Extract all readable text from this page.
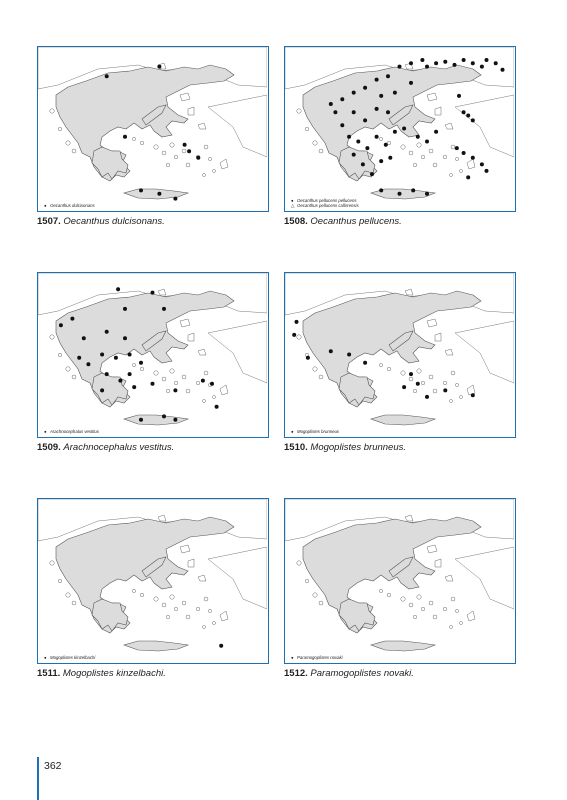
● Oecanthus dulcisonans
1507. Oecanthus dulcisonans.
● Oecanthus pellucens pellucens
△ Oecanthus pellucens callirrensis
1508. Oecanthus pellucens.
● Arachnocephalus vestitus
1509. Arachnocephalus vestitus.
● Mogoplistes brunneus
1510. Mogoplistes brunneus.
● Mogoplistes kinzelbachi
1511. Mogoplistes kinzelbachi.
● Paramogoplistes novaki
1512. Paramogoplistes novaki.
362
